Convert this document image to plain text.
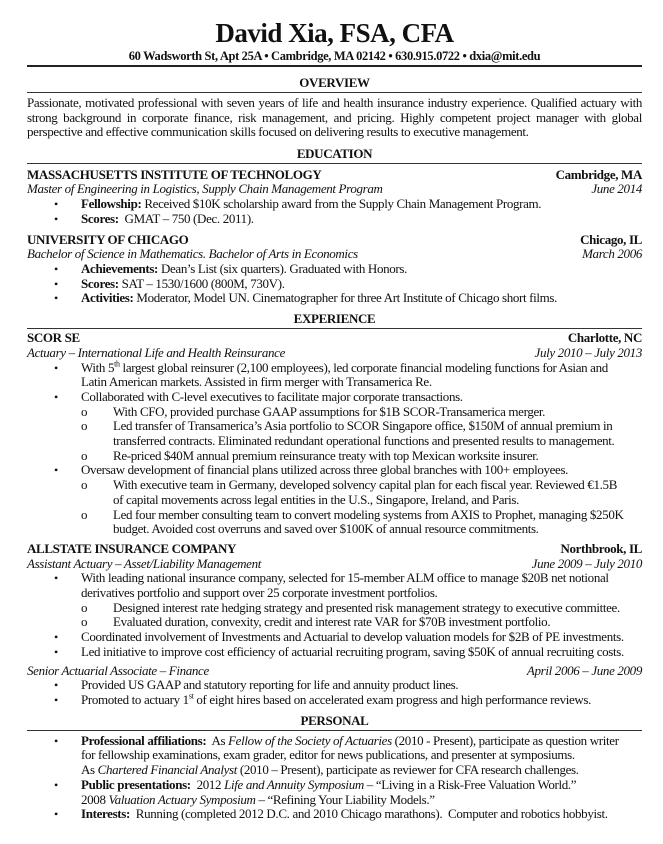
David Xia, FSA, CFA
60 Wadsworth St, Apt 25A • Cambridge, MA 02142 • 630.915.0722 • dxia@mit.edu
OVERVIEW
Passionate, motivated professional with seven years of life and health insurance industry experience. Qualified actuary with strong background in corporate finance, risk management, and pricing. Highly competent project manager with global perspective and effective communication skills focused on delivering results to executive management.
EDUCATION
MASSACHUSETTS INSTITUTE OF TECHNOLOGY	Cambridge, MA
Master of Engineering in Logistics, Supply Chain Management Program	June 2014
• Fellowship: Received $10K scholarship award from the Supply Chain Management Program.
• Scores:  GMAT – 750 (Dec. 2011).
UNIVERSITY OF CHICAGO	Chicago, IL
Bachelor of Science in Mathematics. Bachelor of Arts in Economics	March 2006
• Achievements: Dean’s List (six quarters). Graduated with Honors.
• Scores: SAT – 1530/1600 (800M, 730V).
• Activities: Moderator, Model UN. Cinematographer for three Art Institute of Chicago short films.
EXPERIENCE
SCOR SE	Charlotte, NC
Actuary – International Life and Health Reinsurance	July 2010 – July 2013
• With 5th largest global reinsurer (2,100 employees), led corporate financial modeling functions for Asian and Latin American markets. Assisted in firm merger with Transamerica Re.
• Collaborated with C-level executives to facilitate major corporate transactions.
o With CFO, provided purchase GAAP assumptions for $1B SCOR-Transamerica merger.
o Led transfer of Transamerica’s Asia portfolio to SCOR Singapore office, $150M of annual premium in transferred contracts. Eliminated redundant operational functions and presented results to management.
o Re-priced $40M annual premium reinsurance treaty with top Mexican worksite insurer.
• Oversaw development of financial plans utilized across three global branches with 100+ employees.
o With executive team in Germany, developed solvency capital plan for each fiscal year. Reviewed €1.5B of capital movements across legal entities in the U.S., Singapore, Ireland, and Paris.
o Led four member consulting team to convert modeling systems from AXIS to Prophet, managing $250K budget. Avoided cost overruns and saved over $100K of annual resource commitments.
ALLSTATE INSURANCE COMPANY	Northbrook, IL
Assistant Actuary – Asset/Liability Management	June 2009 – July 2010
• With leading national insurance company, selected for 15-member ALM office to manage $20B net notional derivatives portfolio and support over 25 corporate investment portfolios.
o Designed interest rate hedging strategy and presented risk management strategy to executive committee.
o Evaluated duration, convexity, credit and interest rate VAR for $70B investment portfolio.
• Coordinated involvement of Investments and Actuarial to develop valuation models for $2B of PE investments.
• Led initiative to improve cost efficiency of actuarial recruiting program, saving $50K of annual recruiting costs.
Senior Actuarial Associate – Finance	April 2006 – June 2009
• Provided US GAAP and statutory reporting for life and annuity product lines.
• Promoted to actuary 1st of eight hires based on accelerated exam progress and high performance reviews.
PERSONAL
• Professional affiliations:  As Fellow of the Society of Actuaries (2010 - Present), participate as question writer for fellowship examinations, exam grader, editor for news publications, and presenter at symposiums.
As Chartered Financial Analyst (2010 – Present), participate as reviewer for CFA research challenges.
• Public presentations:  2012 Life and Annuity Symposium – “Living in a Risk-Free Valuation World.”
2008 Valuation Actuary Symposium – “Refining Your Liability Models.”
• Interests:  Running (completed 2012 D.C. and 2010 Chicago marathons).  Computer and robotics hobbyist.
